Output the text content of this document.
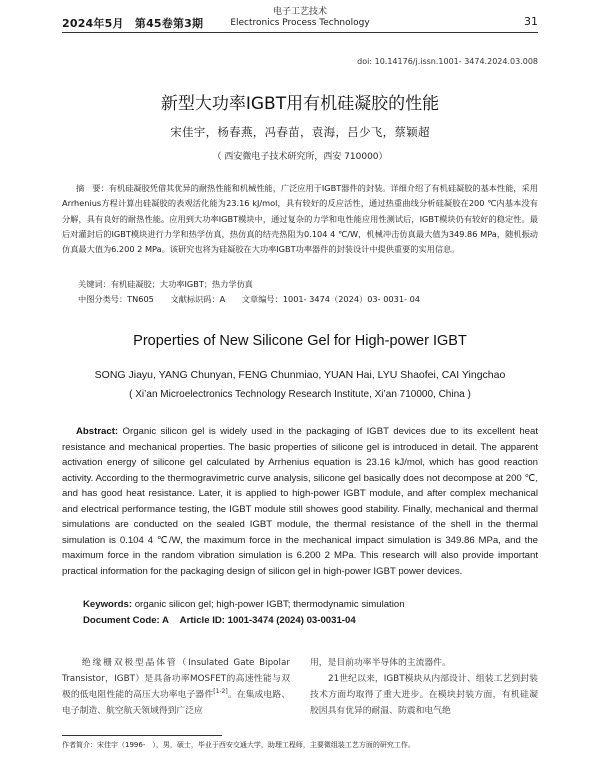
2024年5月　第45卷第3期
电子工艺技术
Electronics Process Technology	31
doi: 10.14176/j.issn.1001- 3474.2024.03.008
新型大功率IGBT用有机硅凝胶的性能
宋佳宇，杨春燕，冯春苗，袁海，吕少飞，蔡颖超
（ 西安微电子技术研究所，西安 710000）
摘　要：有机硅凝胶凭借其优异的耐热性能和机械性能，广泛应用于IGBT器件的封装。详细介绍了有机硅凝胶的基本性能，采用Arrhenius方程计算出硅凝胶的表观活化能为23.16 kJ/mol，具有较好的反应活性，通过热重曲线分析硅凝胶在200 ℃内基本没有分解，具有良好的耐热性能。应用到大功率IGBT模块中，通过复杂的力学和电性能应用性测试后，IGBT模块仍有较好的稳定性。最后对灌封后的IGBT模块进行力学和热学仿真，热仿真的结壳热阻为0.104 4 ℃/W，机械冲击仿真最大值为349.86 MPa，随机振动仿真最大值为6.200 2 MPa。该研究也将为硅凝胶在大功率IGBT功率器件的封装设计中提供重要的实用信息。
关键词：有机硅凝胶；大功率IGBT；热力学仿真
中图分类号：TN605 文献标识码：A 文章编号：1001- 3474（2024）03- 0031- 04
Properties of New Silicone Gel for High-power IGBT
SONG Jiayu, YANG Chunyan, FENG Chunmiao, YUAN Hai, LYU Shaofei, CAI Yingchao
( Xi’an Microelectronics Technology Research Institute, Xi’an 710000, China )
Abstract: Organic silicon gel is widely used in the packaging of IGBT devices due to its excellent heat resistance and mechanical properties. The basic properties of silicone gel is introduced in detail. The apparent activation energy of silicone gel calculated by Arrhenius equation is 23.16 kJ/mol, which has good reaction activity. According to the thermogravimetric curve analysis, silicone gel basically does not decompose at 200 ℃, and has good heat resistance. Later, it is applied to high-power IGBT module, and after complex mechanical and electrical performance testing, the IGBT module still showes good stability. Finally, mechanical and thermal simulations are conducted on the sealed IGBT module, the thermal resistance of the shell in the thermal simulation is 0.104 4 ℃/W, the maximum force in the mechanical impact simulation is 349.86 MPa, and the maximum force in the random vibration simulation is 6.200 2 MPa. This research will also provide important practical information for the packaging design of silicon gel in high-power IGBT power devices.
Keywords: organic silicon gel; high-power IGBT; thermodynamic simulation
Document Code: A Article ID: 1001-3474 (2024) 03-0031-04
绝缘栅双极型晶体管（Insulated Gate Bipolar Transistor，IGBT）是具备功率MOSFET的高速性能与双极的低电阻性能的高压大功率电子器件[1-2]。在集成电路、电子制造、航空航天领域得到广泛应
用，是目前功率半导体的主流器件。
21世纪以来，IGBT模块从内部设计、组装工艺到封装技术方面均取得了重大进步。在模块封装方面，有机硅凝胶因具有优异的耐温、防震和电气绝
作者简介：宋佳宇（1996-　），男，硕士，毕业于西安交通大学，助理工程师，主要微组装工艺方面的研究工作。
